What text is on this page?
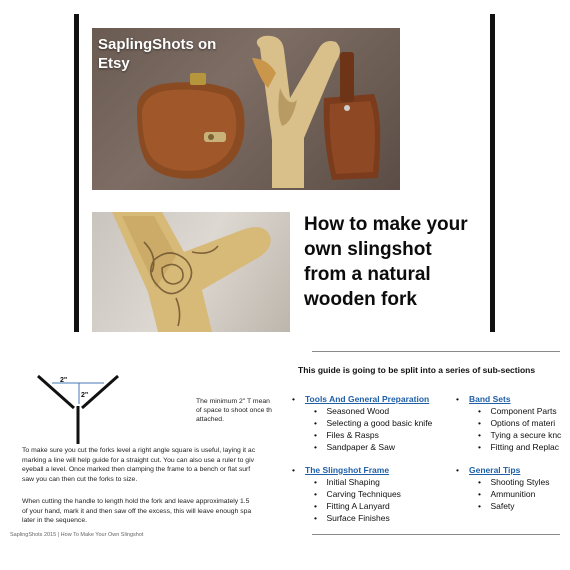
SaplingShots on Etsy
How to make your
own slingshot
from a natural
wooden fork
2"
2"
The minimum 2" T mean
of space to shoot once th
attached.
To make sure you cut the forks level a right angle square is useful, laying it ac
marking a line will help guide for a straight cut. You can also use a ruler to giv
eyeball a level. Once marked then clamping the frame to a bench or flat surf
saw you can then cut the forks to size.
When cutting the handle to length hold the fork and leave approximately 1.5
of your hand, mark it and then saw off the excess, this will leave enough spa
later in the sequence.
SaplingShots 2015 | How To Make Your Own Slingshot
This guide is going to be split into a series of sub-sections
• Tools And General Preparation
•    Seasoned Wood
•    Selecting a good basic knife
•    Files & Rasps
•    Sandpaper & Saw
• Band Sets
•    Component Parts
•    Options of materi
•    Tying a secure knc
•    Fitting and Replac
• The Slingshot Frame
•    Initial Shaping
•    Carving Techniques
•    Fitting A Lanyard
•    Surface Finishes
• General Tips
•    Shooting Styles
•    Ammunition
•    Safety
